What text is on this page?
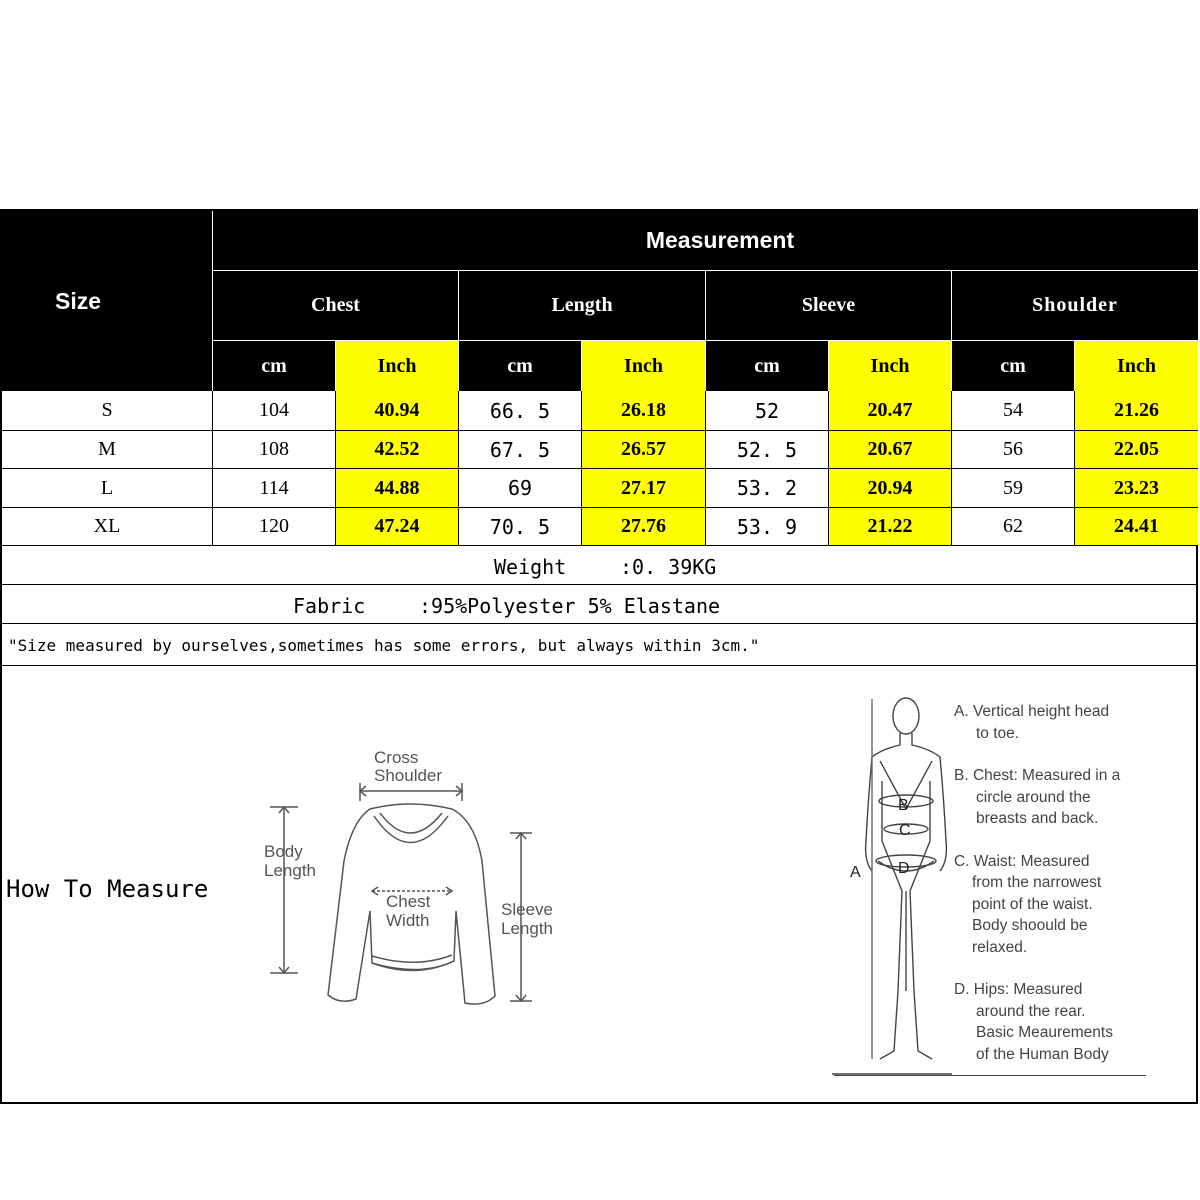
Size
Measurement
Chest	Length	Sleeve	Shoulder
cm	Inch	cm	Inch	cm	Inch	cm	Inch
S	104	40.94	66. 5	26.18	52	20.47	54	21.26
M	108	42.52	67. 5	26.57	52. 5	20.67	56	22.05
L	114	44.88	69	27.17	53. 2	20.94	59	23.23
XL	120	47.24	70. 5	27.76	53. 9	21.22	62	24.41
Weight	:0. 39KG
Fabric	:95%Polyester 5% Elastane
"Size measured by ourselves,sometimes has some errors, but always within 3cm."
How To Measure
Cross
Shoulder
Body
Length
Chest
Width
Sleeve
Length
A
B
C
D
A. Vertical height head
to toe.
B. Chest: Measured in a
circle around the
breasts and back.
C. Waist: Measured
from the narrowest
point of the waist.
Body shoould be
relaxed.
D. Hips: Measured
around the rear.
Basic Meaurements
of the Human Body
